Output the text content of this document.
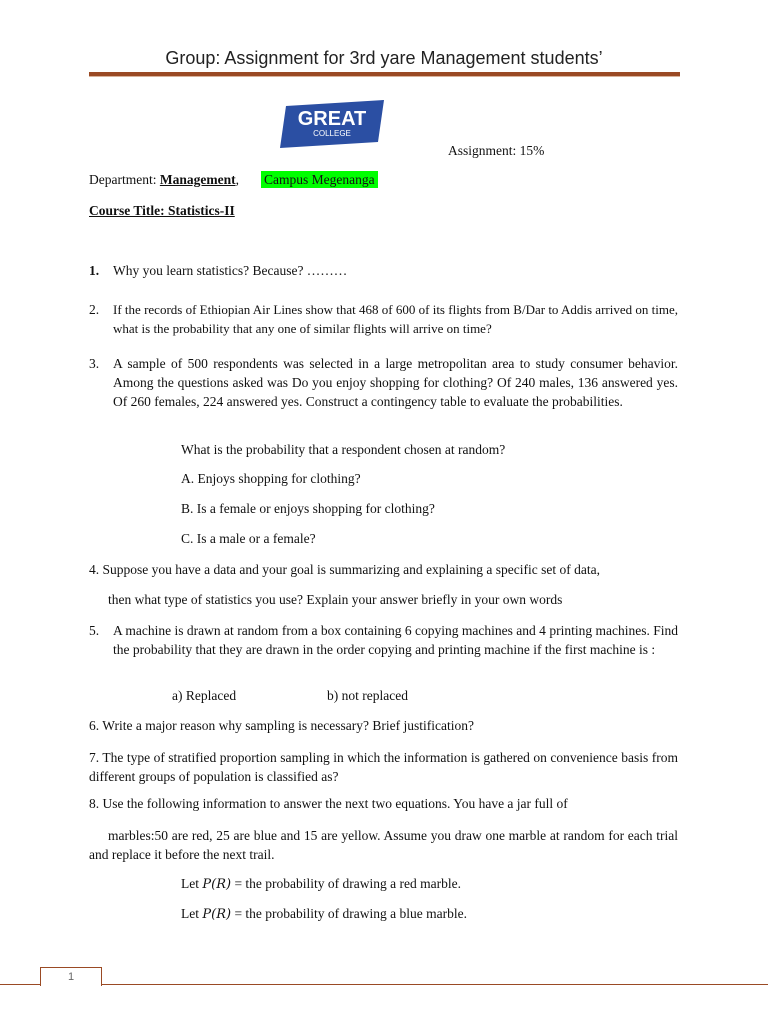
Group: Assignment for 3rd yare Management students’
GREAT
COLLEGE
Assignment: 15%
Department: Management, Campus Megenanga
Course Title: Statistics-II
1. Why you learn statistics? Because? ………
2. If the records of Ethiopian Air Lines show that 468 of 600 of its flights from B/Dar to Addis arrived on time, what is the probability that any one of similar flights will arrive on time?
3. A sample of 500 respondents was selected in a large metropolitan area to study consumer behavior. Among the questions asked was Do you enjoy shopping for clothing? Of 240 males, 136 answered yes. Of 260 females, 224 answered yes. Construct a contingency table to evaluate the probabilities.
What is the probability that a respondent chosen at random?
A. Enjoys shopping for clothing?
B. Is a female or enjoys shopping for clothing?
C. Is a male or a female?
4. Suppose you have a data and your goal is summarizing and explaining a specific set of data,
then what type of statistics you use? Explain your answer briefly in your own words
5. A machine is drawn at random from a box containing 6 copying machines and 4 printing machines. Find the probability that they are drawn in the order copying and printing machine if the first machine is :
a) Replaced	b) not replaced
6. Write a major reason why sampling is necessary? Brief justification?
7. The type of stratified proportion sampling in which the information is gathered on convenience basis from different groups of population is classified as?
8. Use the following information to answer the next two equations. You have a jar full of
marbles:50 are red, 25 are blue and 15 are yellow. Assume you draw one marble at random for each trial and replace it before the next trail.
Let P(R) = the probability of drawing a red marble.
Let P(R) = the probability of drawing a blue marble.
1
